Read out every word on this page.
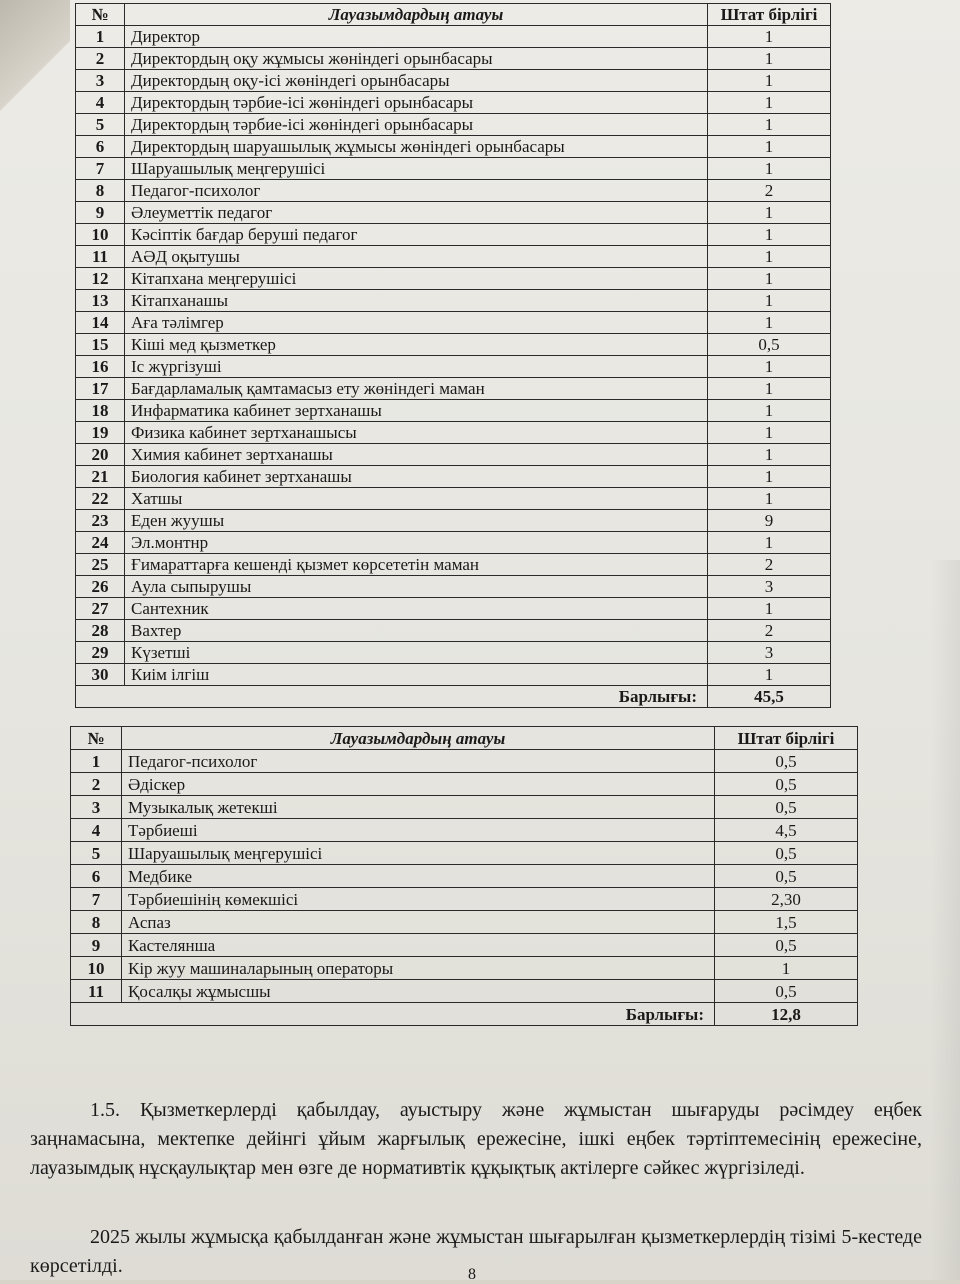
№	Лауазымдардың атауы	Штат бірлігі
1	Директор	1
2	Директордың оқу жұмысы жөніндегі орынбасары	1
3	Директордың оқу-ісі жөніндегі орынбасары	1
4	Директордың тәрбие-ісі жөніндегі орынбасары	1
5	Директордың тәрбие-ісі жөніндегі орынбасары	1
6	Директордың шаруашылық жұмысы жөніндегі орынбасары	1
7	Шаруашылық меңгерушісі	1
8	Педагог-психолог	2
9	Әлеуметтік педагог	1
10	Кәсіптік бағдар беруші педагог	1
11	АӘД оқытушы	1
12	Кітапхана меңгерушісі	1
13	Кітапханашы	1
14	Аға тәлімгер	1
15	Кіші мед қызметкер	0,5
16	Іс жүргізуші	1
17	Бағдарламалық қамтамасыз ету жөніндегі маман	1
18	Инфарматика кабинет зертханашы	1
19	Физика кабинет зертханашысы	1
20	Химия кабинет зертханашы	1
21	Биология кабинет зертханашы	1
22	Хатшы	1
23	Еден жуушы	9
24	Эл.монтнр	1
25	Ғимараттарға кешенді қызмет көрсететін маман	2
26	Аула сыпырушы	3
27	Сантехник	1
28	Вахтер	2
29	Күзетші	3
30	Киім ілгіш	1
Барлығы:		45,5
№	Лауазымдардың атауы	Штат бірлігі
1	Педагог-психолог	0,5
2	Әдіскер	0,5
3	Музыкалық жетекші	0,5
4	Тәрбиеші	4,5
5	Шаруашылық меңгерушісі	0,5
6	Медбике	0,5
7	Тәрбиешінің көмекшісі	2,30
8	Аспаз	1,5
9	Кастелянша	0,5
10	Кір жуу машиналарының операторы	1
11	Қосалқы жұмысшы	0,5
Барлығы:		12,8

1.5. Қызметкерлерді қабылдау, ауыстыру және жұмыстан шығаруды рәсімдеу еңбек заңнамасына, мектепке дейінгі ұйым жарғылық ережесіне, ішкі еңбек тәртіптемесінің ережесіне, лауазымдық нұсқаулықтар мен өзге де нормативтік құқықтық актілерге сәйкес жүргізіледі.

2025 жылы жұмысқа қабылданған және жұмыстан шығарылған қызметкерлердің тізімі 5-кестеде көрсетілді.	8
